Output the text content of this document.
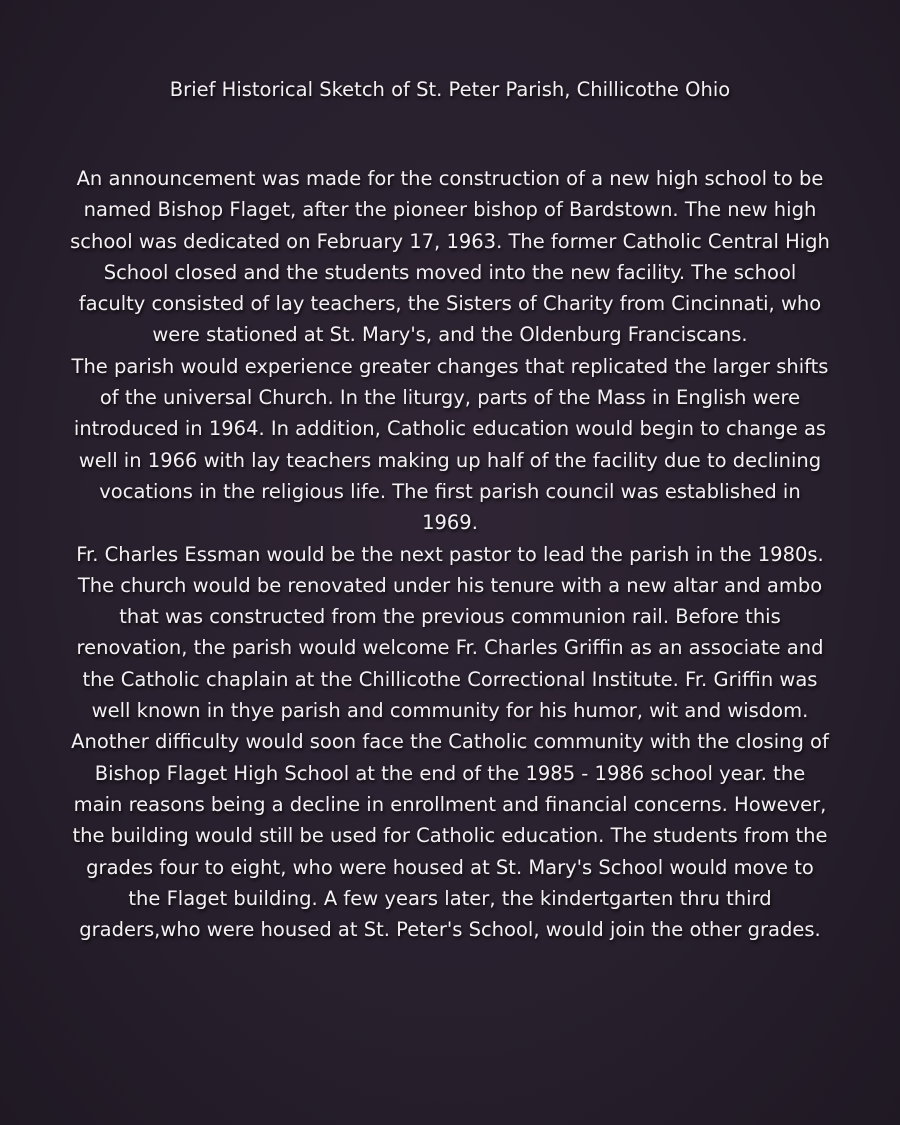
Brief Historical Sketch of St. Peter Parish, Chillicothe Ohio

An announcement was made for the construction of a new high school to be named Bishop Flaget, after the pioneer bishop of Bardstown. The new high school was dedicated on February 17, 1963. The former Catholic Central High School closed and the students moved into the new facility. The school faculty consisted of lay teachers, the Sisters of Charity from Cincinnati, who were stationed at St. Mary's, and the Oldenburg Franciscans.

The parish would experience greater changes that replicated the larger shifts of the universal Church. In the liturgy, parts of the Mass in English were introduced in 1964. In addition, Catholic education would begin to change as well in 1966 with lay teachers making up half of the facility due to declining vocations in the religious life. The first parish council was established in 1969.

Fr. Charles Essman would be the next pastor to lead the parish in the 1980s. The church would be renovated under his tenure with a new altar and ambo that was constructed from the previous communion rail. Before this renovation, the parish would welcome Fr. Charles Griffin as an associate and the Catholic chaplain at the Chillicothe Correctional Institute. Fr. Griffin was well known in thye parish and community for his humor, wit and wisdom.

Another difficulty would soon face the Catholic community with the closing of Bishop Flaget High School at the end of the 1985 - 1986 school year. the main reasons being a decline in enrollment and financial concerns. However, the building would still be used for Catholic education. The students from the grades four to eight, who were housed at St. Mary's School would move to the Flaget building. A few years later, the kindertgarten thru third graders,who were housed at St. Peter's School, would join the other grades.
